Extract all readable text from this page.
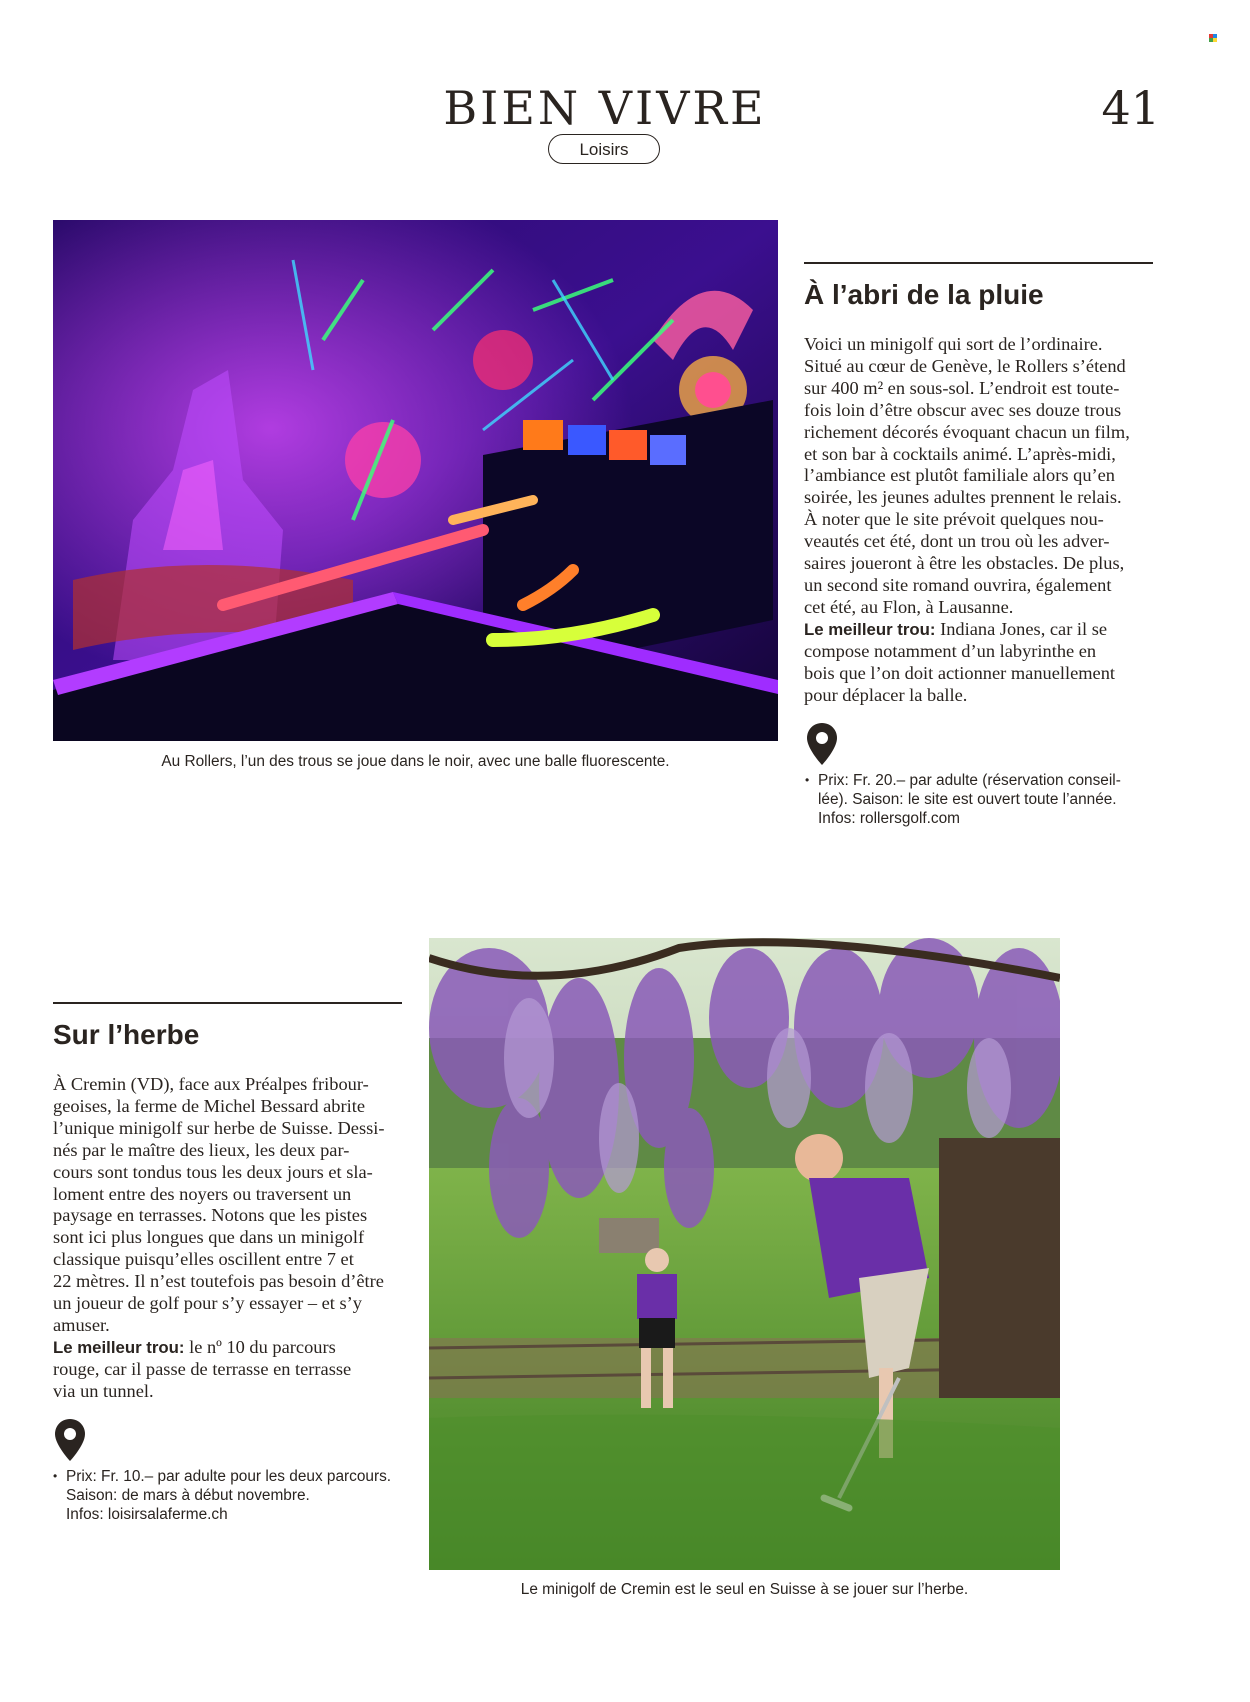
BIEN VIVRE
Loisirs
41
Au Rollers, l’un des trous se joue dans le noir, avec une balle fluorescente.
À l’abri de la pluie

Voici un minigolf qui sort de l’ordinaire.
Situé au cœur de Genève, le Rollers s’étend
sur 400 m² en sous-sol. L’endroit est toute-
fois loin d’être obscur avec ses douze trous
richement décorés évoquant chacun un film,
et son bar à cocktails animé. L’après-midi,
l’ambiance est plutôt familiale alors qu’en
soirée, les jeunes adultes prennent le relais.
À noter que le site prévoit quelques nou-
veautés cet été, dont un trou où les adver-
saires joueront à être les obstacles. De plus,
un second site romand ouvrira, également
cet été, au Flon, à Lausanne.
Le meilleur trou: Indiana Jones, car il se
compose notamment d’un labyrinthe en
bois que l’on doit actionner manuellement
pour déplacer la balle.

• Prix: Fr. 20.– par adulte (réservation conseil-
lée). Saison: le site est ouvert toute l’année.
Infos: rollersgolf.com
Sur l’herbe

À Cremin (VD), face aux Préalpes fribour-
geoises, la ferme de Michel Bessard abrite
l’unique minigolf sur herbe de Suisse. Dessi-
nés par le maître des lieux, les deux par-
cours sont tondus tous les deux jours et sla-
loment entre des noyers ou traversent un
paysage en terrasses. Notons que les pistes
sont ici plus longues que dans un minigolf
classique puisqu’elles oscillent entre 7 et
22 mètres. Il n’est toutefois pas besoin d’être
un joueur de golf pour s’y essayer – et s’y
amuser.
Le meilleur trou: le nº 10 du parcours
rouge, car il passe de terrasse en terrasse
via un tunnel.

• Prix: Fr. 10.– par adulte pour les deux parcours.
Saison: de mars à début novembre.
Infos: loisirsalaferme.ch
Le minigolf de Cremin est le seul en Suisse à se jouer sur l’herbe.
